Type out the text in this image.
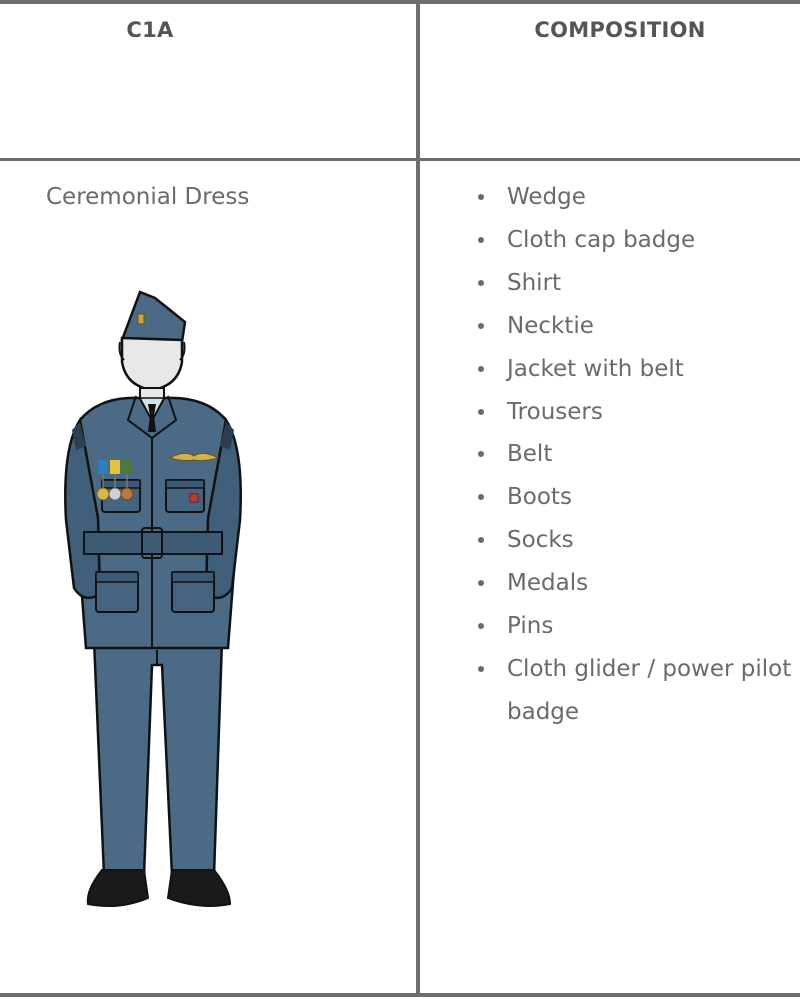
C1A	COMPOSITION
Ceremonial Dress	Wedge
Cloth cap badge
Shirt
Necktie
Jacket with belt
Trousers
Belt
Boots
Socks
Medals
Pins
Cloth glider / power pilot
badge
